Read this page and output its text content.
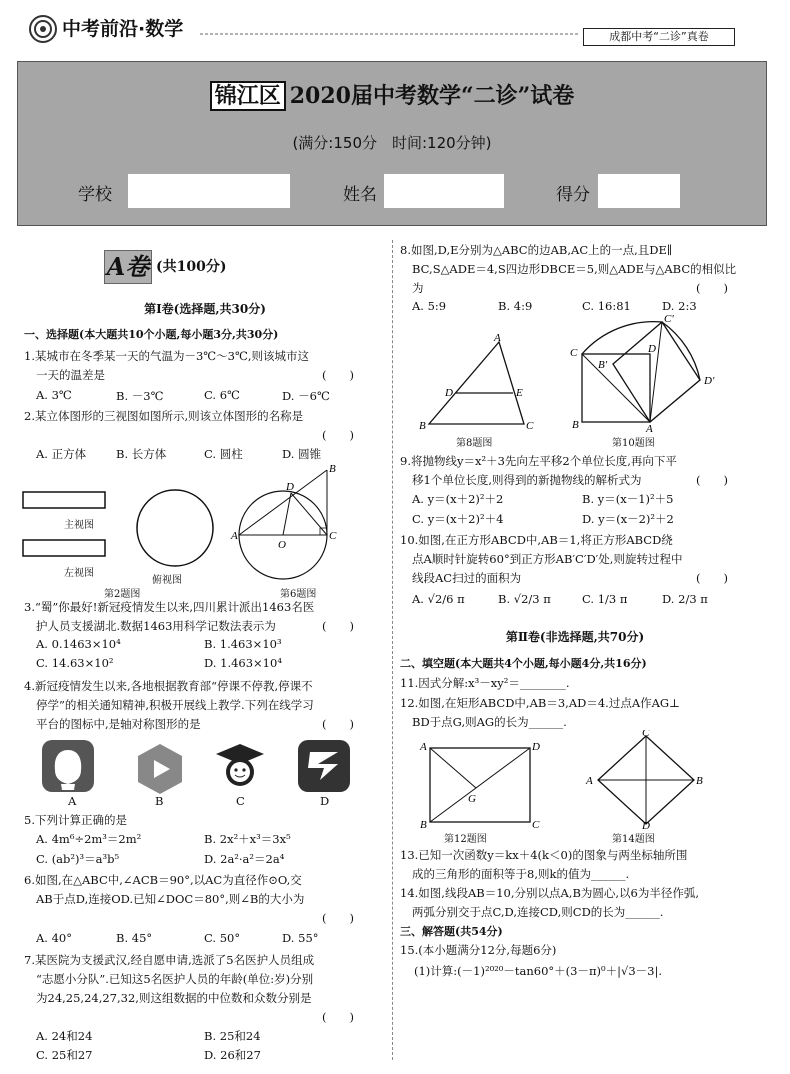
中考前沿·数学	成都中考“二诊”真卷
锦江区 2020届中考数学“二诊”试卷
(满分:150分　时间:120分钟)
学校	姓名	得分
A卷 (共100分)
第Ⅰ卷(选择题,共30分)
一、选择题(本大题共10个小题,每小题3分,共30分)
1.某城市在冬季某一天的气温为－3℃～3℃,则该城市这
一天的温差是	(　　)
A. 3℃	B. －3℃	C. 6℃	D. －6℃
2.某立体图形的三视图如图所示,则该立体图形的名称是
(　　)
A. 正方体	B. 长方体	C. 圆柱	D. 圆锥
主视图
左视图
俯视图
第2题图
B
D
A
O
C
第6题图
3.“蜀”你最好!新冠疫情发生以来,四川累计派出1463名医
护人员支援湖北.数据1463用科学记数法表示为	(　　)
A. 0.1463×10⁴	B. 1.463×10³
C. 14.63×10²	D. 1.463×10⁴
4.新冠疫情发生以来,各地根据教育部“停课不停教,停课不
停学”的相关通知精神,积极开展线上教学.下列在线学习
平台的图标中,是轴对称图形的是	(　　)
A	B	C	D
5.下列计算正确的是
A. 4m⁶÷2m³＝2m²	B. 2x²＋x³＝3x⁵
C. (ab²)³＝a³b⁵	D. 2a²·a²＝2a⁴
6.如图,在△ABC中,∠ACB＝90°,以AC为直径作⊙O,交
AB于点D,连接OD.已知∠DOC＝80°,则∠B的大小为
(　　)
A. 40°	B. 45°	C. 50°	D. 55°
7.某医院为支援武汉,经自愿申请,选派了5名医护人员组成
“志愿小分队”.已知这5名医护人员的年龄(单位:岁)分别
为24,25,24,27,32,则这组数据的中位数和众数分别是
(　　)
A. 24和24	B. 25和24
C. 25和27	D. 26和27
8.如图,D,E分别为△ABC的边AB,AC上的一点,且DE∥
BC,S△ADE＝4,S四边形DBCE＝5,则△ADE与△ABC的相似比
为	(　　)
A. 5:9	B. 4:9	C. 16:81	D. 2:3
A
D	E
B	C
第8题图
C
B′
C′
D
D′
B	A
第10题图
9.将抛物线y＝x²＋3先向左平移2个单位长度,再向下平
移1个单位长度,则得到的新抛物线的解析式为	(　　)
A. y＝(x＋2)²＋2	B. y＝(x－1)²＋5
C. y＝(x＋2)²＋4	D. y＝(x－2)²＋2
10.如图,在正方形ABCD中,AB＝1,将正方形ABCD绕
点A顺时针旋转60°到正方形AB′C′D′处,则旋转过程中
线段AC扫过的面积为	(　　)
A. √2/6 π	B. √2/3 π	C. 1/3 π	D. 2/3 π
第Ⅱ卷(非选择题,共70分)
二、填空题(本大题共4个小题,每小题4分,共16分)
11.因式分解:x³－xy²＝________.
12.如图,在矩形ABCD中,AB＝3,AD＝4.过点A作AG⊥
BD于点G,则AG的长为______.
A	D
B	C
G
第12题图
A	B
C
D
第14题图
13.已知一次函数y＝kx＋4(k＜0)的图象与两坐标轴所围
成的三角形的面积等于8,则k的值为______.
14.如图,线段AB＝10,分别以点A,B为圆心,以6为半径作弧,
两弧分别交于点C,D,连接CD,则CD的长为______.
三、解答题(共54分)
15.(本小题满分12分,每题6分)
(1)计算:(－1)²⁰²⁰－tan60°＋(3－π)⁰＋|√3－3|.
